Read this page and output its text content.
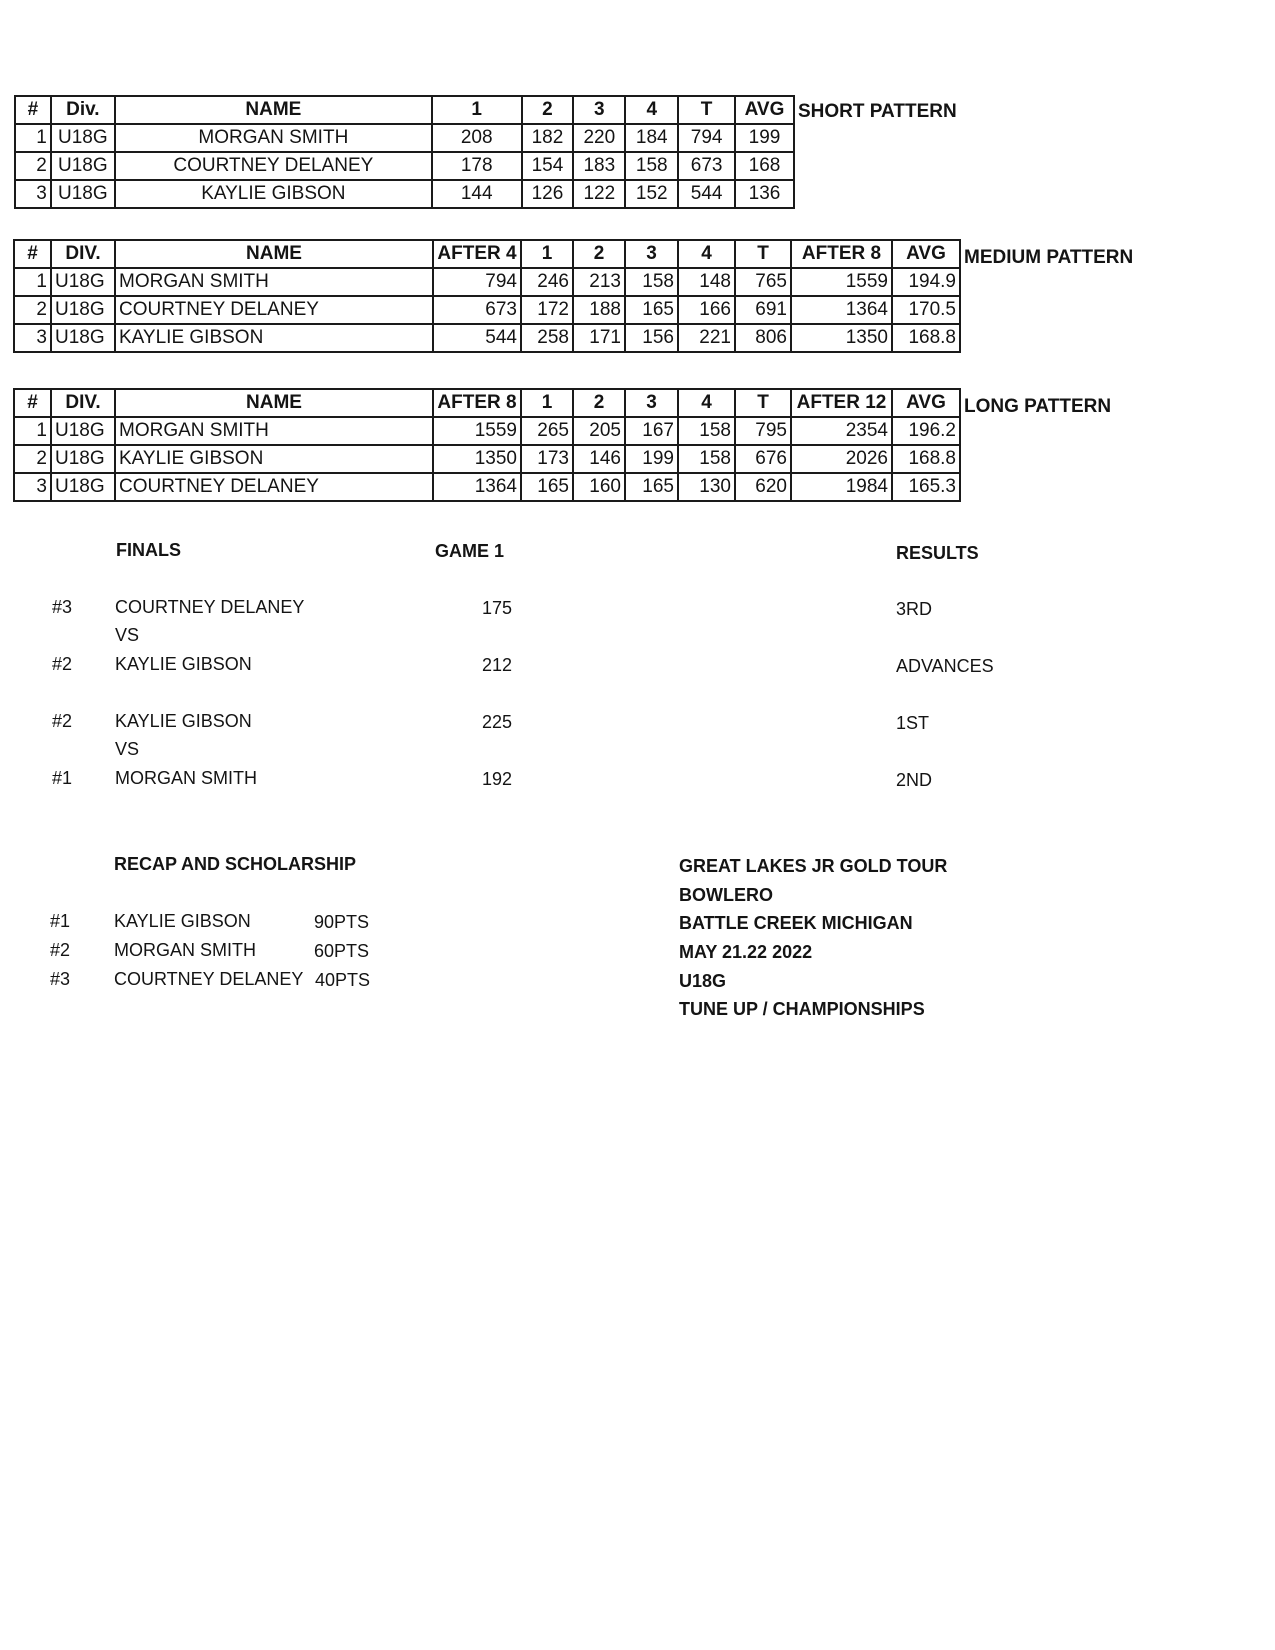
#	Div.	NAME	1	2	3	4	T	AVG
1	U18G	MORGAN SMITH	208	182	220	184	794	199
2	U18G	COURTNEY DELANEY	178	154	183	158	673	168
3	U18G	KAYLIE GIBSON	144	126	122	152	544	136
SHORT PATTERN
#	DIV.	NAME	AFTER 4	1	2	3	4	T	AFTER 8	AVG
1	U18G	MORGAN SMITH	794	246	213	158	148	765	1559	194.9
2	U18G	COURTNEY DELANEY	673	172	188	165	166	691	1364	170.5
3	U18G	KAYLIE GIBSON	544	258	171	156	221	806	1350	168.8
MEDIUM PATTERN
#	DIV.	NAME	AFTER 8	1	2	3	4	T	AFTER 12	AVG
1	U18G	MORGAN SMITH	1559	265	205	167	158	795	2354	196.2
2	U18G	KAYLIE GIBSON	1350	173	146	199	158	676	2026	168.8
3	U18G	COURTNEY DELANEY	1364	165	160	165	130	620	1984	165.3
LONG PATTERN
FINALS	GAME 1	RESULTS
#3 COURTNEY DELANEY	175	3RD
VS
#2 KAYLIE GIBSON	212	ADVANCES
#2 KAYLIE GIBSON	225	1ST
VS
#1 MORGAN SMITH	192	2ND
RECAP AND SCHOLARSHIP
#1 KAYLIE GIBSON	90PTS
#2 MORGAN SMITH	60PTS
#3 COURTNEY DELANEY 40PTS
GREAT LAKES JR GOLD TOUR
BOWLERO
BATTLE CREEK MICHIGAN
MAY 21.22 2022
U18G
TUNE UP / CHAMPIONSHIPS
